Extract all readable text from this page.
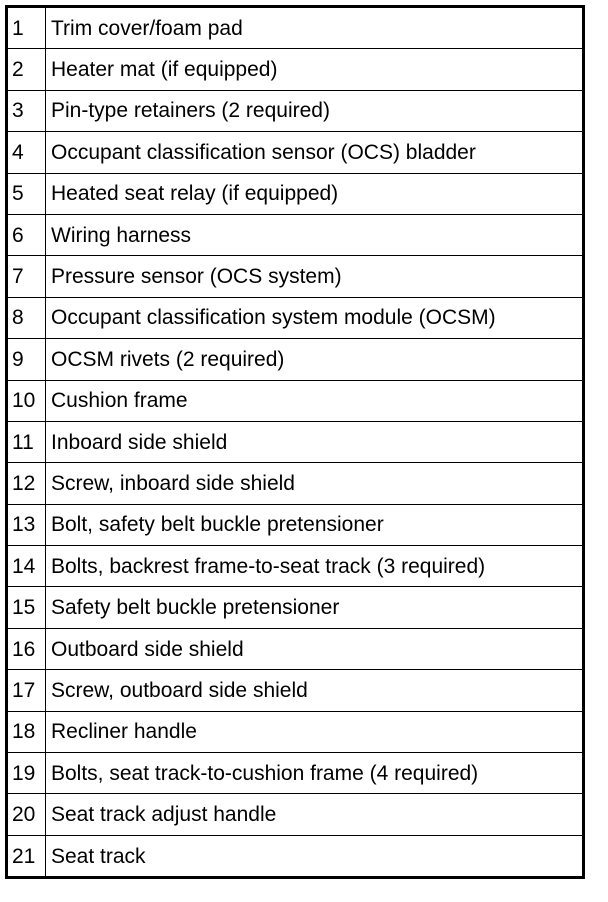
1	Trim cover/foam pad
2	Heater mat (if equipped)
3	Pin-type retainers (2 required)
4	Occupant classification sensor (OCS) bladder
5	Heated seat relay (if equipped)
6	Wiring harness
7	Pressure sensor (OCS system)
8	Occupant classification system module (OCSM)
9	OCSM rivets (2 required)
10	Cushion frame
11	Inboard side shield
12	Screw, inboard side shield
13	Bolt, safety belt buckle pretensioner
14	Bolts, backrest frame-to-seat track (3 required)
15	Safety belt buckle pretensioner
16	Outboard side shield
17	Screw, outboard side shield
18	Recliner handle
19	Bolts, seat track-to-cushion frame (4 required)
20	Seat track adjust handle
21	Seat track
